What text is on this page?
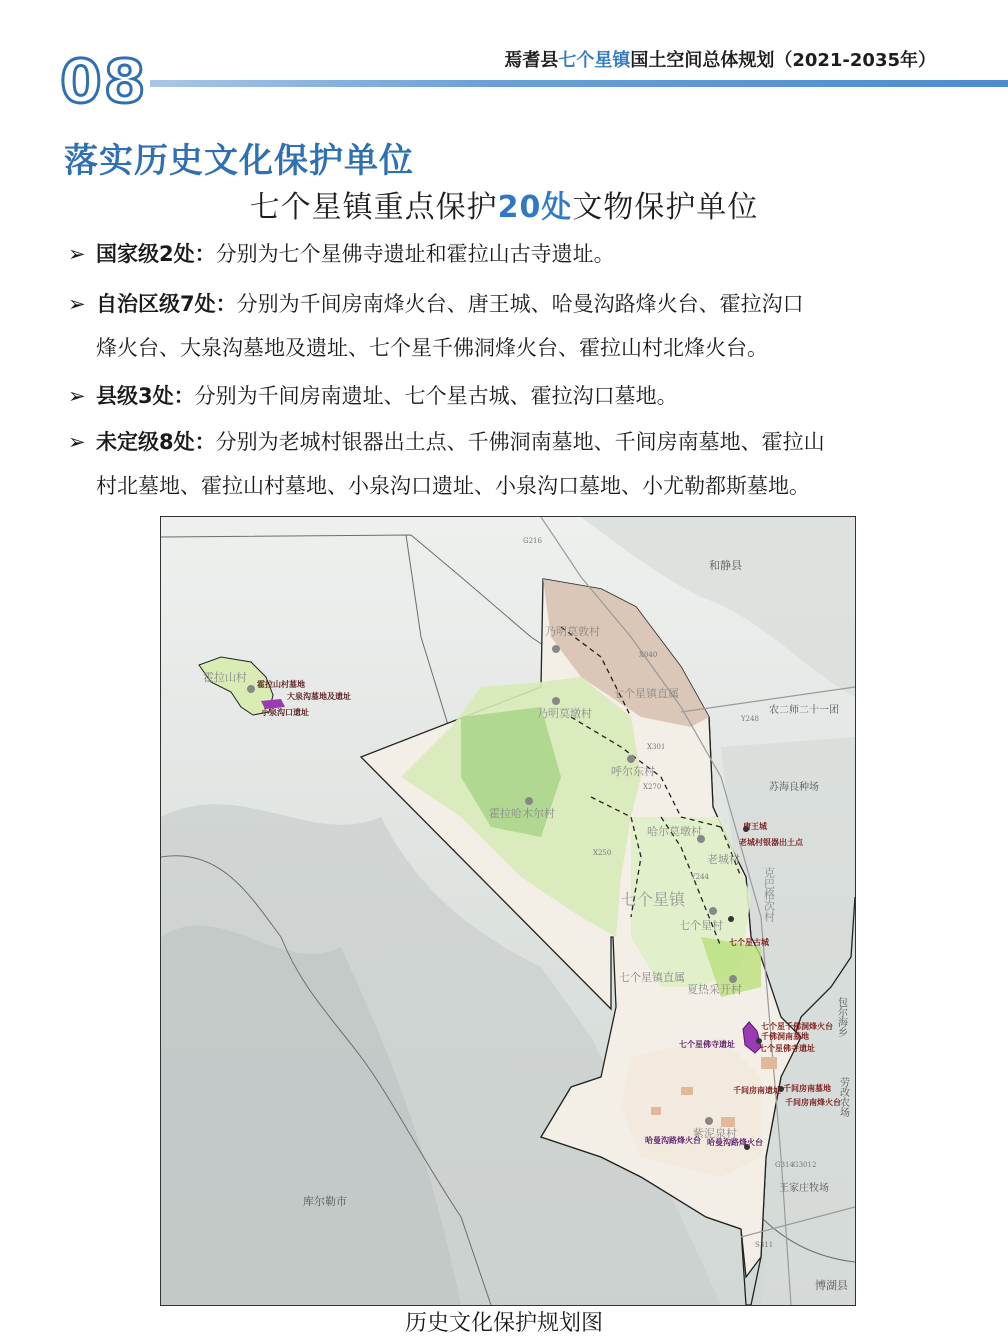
08	焉耆县七个星镇国土空间总体规划（2021-2035年）
落实历史文化保护单位
七个星镇重点保护20处文物保护单位
➢ 国家级2处：分别为七个星佛寺遗址和霍拉山古寺遗址。
➢ 自治区级7处：分别为千间房南烽火台、唐王城、哈曼沟路烽火台、霍拉沟口
烽火台、大泉沟墓地及遗址、七个星千佛洞烽火台、霍拉山村北烽火台。
➢ 县级3处：分别为千间房南遗址、七个星古城、霍拉沟口墓地。
➢ 未定级8处：分别为老城村银器出土点、千佛洞南墓地、千间房南墓地、霍拉山
村北墓地、霍拉山村墓地、小泉沟口遗址、小泉沟口墓地、小尤勒都斯墓地。
和静县
库尔勒市
博湖县
苏海良种场
农二师二十一团
王家庄牧场
包尔海乡
劳改农场
乃明莫敦村
七个星镇直属
乃明莫墩村
呼尔东村
霍拉哈木尔村
哈尔莫墩村
老城村
七个星镇
七个星村
克巴格次村
七个星镇直属
夏热采开村
紫泥泉村
霍拉山村
G216
X040
Y248
X301
X270
X250
Y244
G314 G3012
S311
霍拉山村墓地
大泉沟墓地及遗址
小泉沟口遗址
唐王城
老城村银器出土点
七个星古城
七个星千佛洞烽火台
千佛洞南墓地
七个星佛寺遗址
七个星佛寺遗址
千间房南墓地
千间房南遗址
千间房南烽火台
哈曼沟路烽火台 哈曼沟路烽火台
历史文化保护规划图
